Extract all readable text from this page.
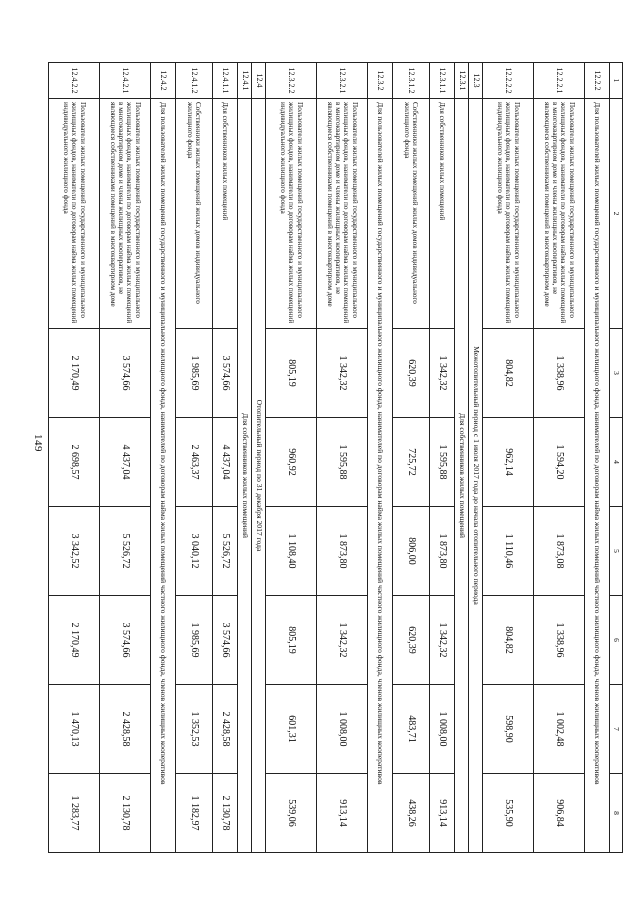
149
1	2	3	4	5	6	7	8
12.2.2	Для пользователей жилых помещений государственного и муниципального жилищного фонда, нанимателей по договорам найма жилых помещений частного жилищного фонда, членов жилищных кооперативов						
12.2.2.1	Пользователи жилых помещений государственного и муниципального жилищных фондов, наниматели по договорам найма жилых помещений в многоквартирном доме и члены жилищных кооперативов, не являющиеся собственниками помещений в многоквартирном доме	1 338,96	1 594,20	1 873,08	1 338,96	1 002,48	906,84
12.2.2.2	Пользователи жилых помещений государственного и муниципального жилищных фондов, наниматели по договорам найма жилых помещений индивидуального жилищного фонда	804,82	962,14	1 110,46	804,82	598,90	535,90
12.3	Межотопительный период с 1 июля 2017 года до начала отопительного периода						
12.3.1	Для собственников жилых помещений						
12.3.1.1	Для собственников жилых помещений	1 342,32	1 595,88	1 873,80	1 342,32	1 008,00	913,14
12.3.1.2	Собственники жилых помещений жилых домов индивидуального жилищного фонда	620,39	725,72	806,00	620,39	483,71	438,26
12.3.2	Для пользователей жилых помещений государственного и муниципального жилищного фонда, нанимателей по договорам найма жилых помещений частного жилищного фонда, членов жилищных кооперативов						
12.3.2.1	Пользователи жилых помещений государственного и муниципального жилищных фондов, наниматели по договорам найма жилых помещений в многоквартирном доме и члены жилищных кооперативов, не являющиеся собственниками помещений в многоквартирном доме	1 342,32	1 595,88	1 873,80	1 342,32	1 008,00	913,14
12.3.2.2	Пользователи жилых помещений государственного и муниципального жилищных фондов, наниматели по договорам найма жилых помещений индивидуального жилищного фонда	805,19	960,92	1 108,40	805,19	601,31	539,06
12.4	Отопительный период по 31 декабря 2017 года						
12.4.1	Для собственников жилых помещений						
12.4.1.1	Для собственников жилых помещений	3 574,66	4 437,04	5 526,72	3 574,66	2 428,58	2 130,78
12.4.1.2	Собственники жилых помещений жилых домов индивидуального жилищного фонда	1 985,69	2 463,37	3 040,12	1 985,69	1 352,53	1 182,97
12.4.2	Для пользователей жилых помещений государственного и муниципального жилищного фонда, нанимателей по договорам найма жилых помещений частного жилищного фонда, членов жилищных кооперативов						
12.4.2.1	Пользователи жилых помещений государственного и муниципального жилищных фондов, наниматели по договорам найма жилых помещений в многоквартирном доме и члены жилищных кооперативов, не являющиеся собственниками помещений в многоквартирном доме	3 574,66	4 437,04	5 526,72	3 574,66	2 428,58	2 130,78
12.4.2.2	Пользователи жилых помещений государственного и муниципального жилищных фондов, наниматели по договорам найма жилых помещений индивидуального жилищного фонда	2 170,49	2 698,57	3 342,52	2 170,49	1 470,13	1 283,77
